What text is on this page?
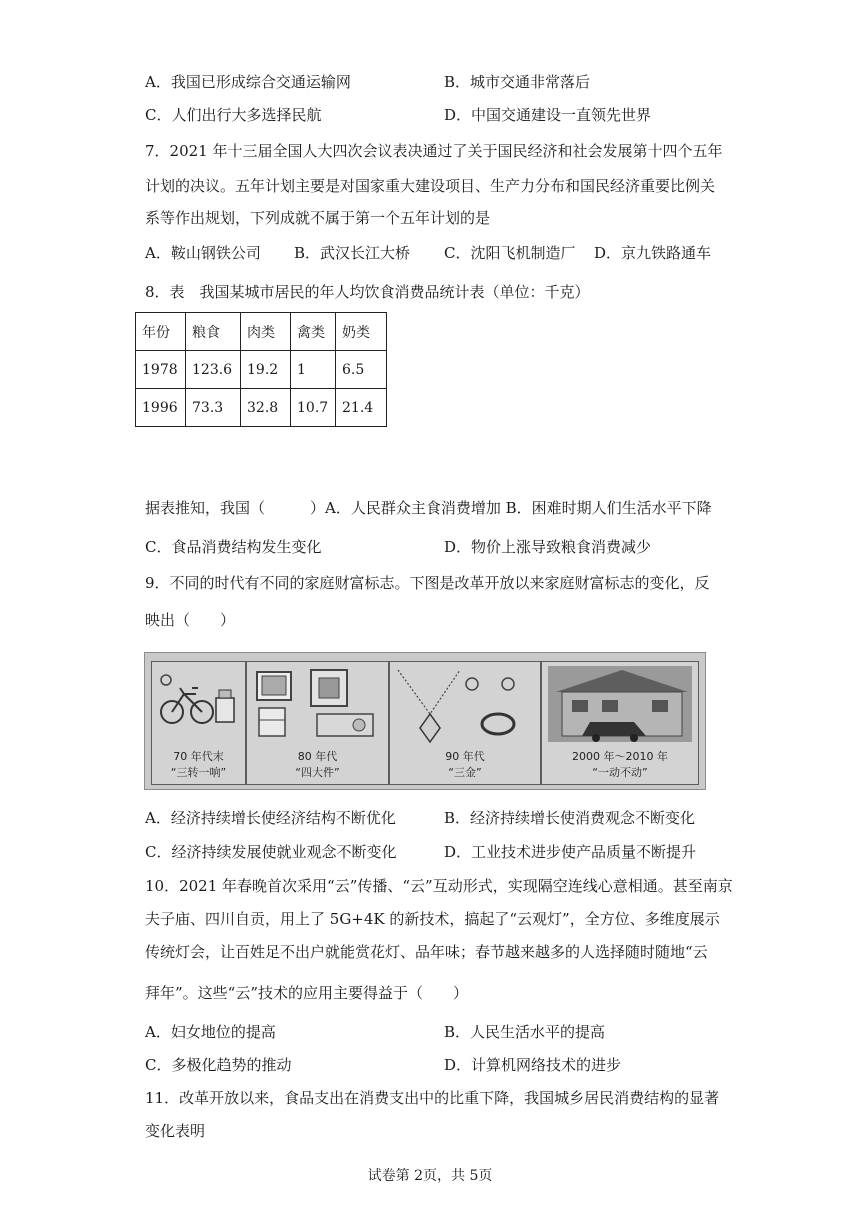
A．我国已形成综合交通运输网	B．城市交通非常落后
C．人们出行大多选择民航	D．中国交通建设一直领先世界
7．2021 年十三届全国人大四次会议表决通过了关于国民经济和社会发展第十四个五年
计划的决议。五年计划主要是对国家重大建设项目、生产力分布和国民经济重要比例关
系等作出规划，下列成就不属于第一个五年计划的是
A．鞍山钢铁公司 B．武汉长江大桥 C．沈阳飞机制造厂 D．京九铁路通车
8．表　我国某城市居民的年人均饮食消费品统计表（单位：千克）
年份	粮食	肉类	禽类	奶类
1978	123.6	19.2	1	6.5
1996	73.3	32.8	10.7	21.4
据表推知，我国（　　　）A．人民群众主食消费增加 B．困难时期人们生活水平下降
C．食品消费结构发生变化	D．物价上涨导致粮食消费减少
9．不同的时代有不同的家庭财富标志。下图是改革开放以来家庭财富标志的变化，反
映出（　　）
70 年代末
“三转一响”
80 年代
“四大件”
90 年代
“三金”
2000 年～2010 年
“一动不动”
A．经济持续增长使经济结构不断优化	B．经济持续增长使消费观念不断变化
C．经济持续发展使就业观念不断变化	D．工业技术进步使产品质量不断提升
10．2021 年春晚首次采用“云”传播、“云”互动形式，实现隔空连线心意相通。甚至南京
夫子庙、四川自贡，用上了 5G+4K 的新技术，搞起了“云观灯”，全方位、多维度展示
传统灯会，让百姓足不出户就能赏花灯、品年味；春节越来越多的人选择随时随地“云
拜年”。这些“云”技术的应用主要得益于（　　）
A．妇女地位的提高	B．人民生活水平的提高
C．多极化趋势的推动	D．计算机网络技术的进步
11．改革开放以来，食品支出在消费支出中的比重下降，我国城乡居民消费结构的显著
变化表明
试卷第 2页，共 5页
